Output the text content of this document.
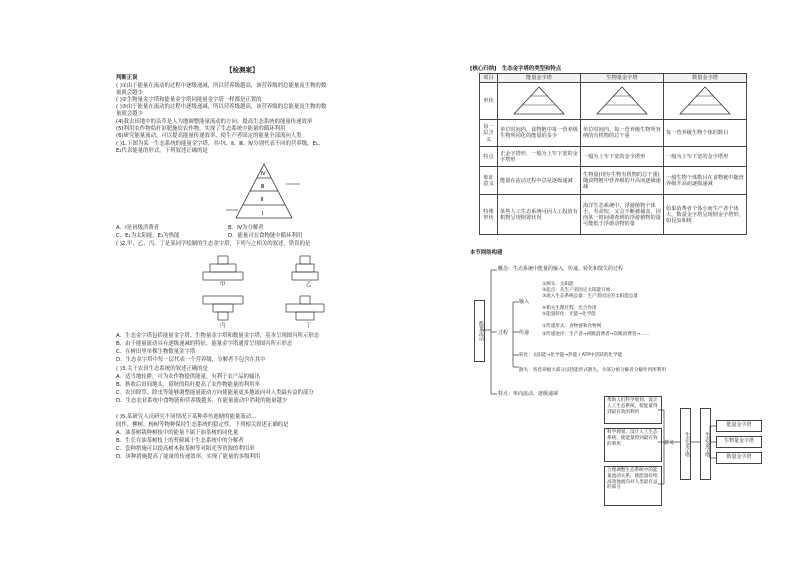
【检测案】
判断正误
( )①由于能量在流动的过程中逐级递减，所以营养级越高，该营养级的总能量及生物的数
量就会越少
( )②生物量金字塔和能量金字塔同能量金字塔一样都是正置的
( )③由于能量在流动的过程中逐级递减，所以营养级越高，该营养级的总能量及生物的数
量就会越少
(4)我去田地中的杂草是人为地调整能量流动的方向，提高生态系统的能量传递效率
(5)利用农作物秸秆沤肥施给农作物，实现了生态系统中能量的循环利用
(6)研究能量流动，可以提高能量传递效率，使生产者固定的能量全部流向人类
( )1.下图为某一生态系统的能量金字塔，其中Ⅰ、Ⅱ、Ⅲ、Ⅳ分别代表不同的营养级，E₁、
E₂代表能量的形式。下列叙述正确的是
Ⅳ
Ⅲ
Ⅱ
Ⅰ
A．Ⅰ是初级消费者	B．Ⅳ为分解者
C．E₁为太阳能，E₂为热能	D．能量可在食物链中循环利用
( )2.甲、乙、丙、丁是某同学绘制的生态金字塔，下列与之相关的叙述，错误的是
甲	乙
丙	丁
A．生态金字塔包括能量金字塔、生物量金字塔和数量金字塔，基本呈现图丙所示形态
B．由于能量流动具有逐级递减的特征，能量金字塔通常呈现图丙所示形态
C．在树田里单棵生物数量金字塔
D．生态金字塔中每一层代表一个营养级，分解者不包含在其中
( )3.关于农田生态系统的叙述正确的是
A．适当地轮耕，可为农作物提供能量，有利于农产品的输出
B．秋收后田间地头，留秋的秸秆提高了农作物能量的利用率
C．农田除草、除虫等能够调整能量流动方向使能量更多地流向对人类最有益的部分
D．生态农业系统中食物链和营养级越多，在能量流动中消耗的能量越少
( )5.某研究人员研究不同情况下某种养鱼池塘的能量流动...
间作、柳树、杨树等物种保持生态系统的稳定性，下列相关叙述正确的是
A．油茶树栽种树枝中的能量不属于油茶树的同化量
B．生长在油茶树枝上的苔藓属于生态系统中的分解者
C．套种措施可以提高树木和茶树等对阳光等资源的利用率
D．该种措施提高了能量的传递效率，实现了能量的多级利用
[核心归纳]　生态金字塔的类型和特点
项目	能量金字塔	生物量金字塔	数量金字塔
形状			
每一层含义	单位时间内，食物链中每一营养级生物所同化的能量的多少	单位时间内，每一营养级生物所容纳的有机物的总干重	每一营养级生物个体的数目
特点	正金字塔形，一般为上窄下宽的金字塔形	一般为上窄下宽的金字塔形	一般为上窄下宽的金字塔形
象征意义	能量在流动过程中总是逐级递减	生物量(现存生物有机物的总干重)随食物链中营养级的升高而逐级递减	一般生物个体数目在食物链中随营养级升高而逐级递减
特殊形状	某些人工生态系统可因人工投放有机物呈现倒置状况	海洋生态系统中，浮游植物个体小，寿命短，又会不断被捕食，因而某一时间调查到的浮游植物的量可能低于浮游动物的量	如果消费者个体小而生产者个体大，数量金字塔呈现倒金字塔形，如昆虫和树
本节网络构建
能量流动
概念：生态系统中能量的输入、传递、转化和散失的过程
过程
输入
①源头：太阳能
②起点：从生产者固定太阳能开始
③流入生态系统总量：生产者固定的太阳能总量
④相关生理过程：光合作用
⑤能量转化：光能→化学能
传递
①传递形式：食物链和食物网
②传递途径：生产者→初级消费者→次级消费者→……
转化：太阳能→化学能→热能 / ATP中活跃的化学能
散失：各营养级大部分以热能形式散失，少部分被分解者分解作用所利用
特点：单向流动、逐级递减
帮助人们科学规划、设计人工生态系统，使能量得到最有效的利用
科学规划、设计人工生态系统，使能量得到最有效的利用
合理调整生态系统中的能量流动关系，使能量持续高效地流向对人类最有益的部分
意义	生态金字塔	生态金字塔
能量金字塔
生物量金字塔
数量金字塔
